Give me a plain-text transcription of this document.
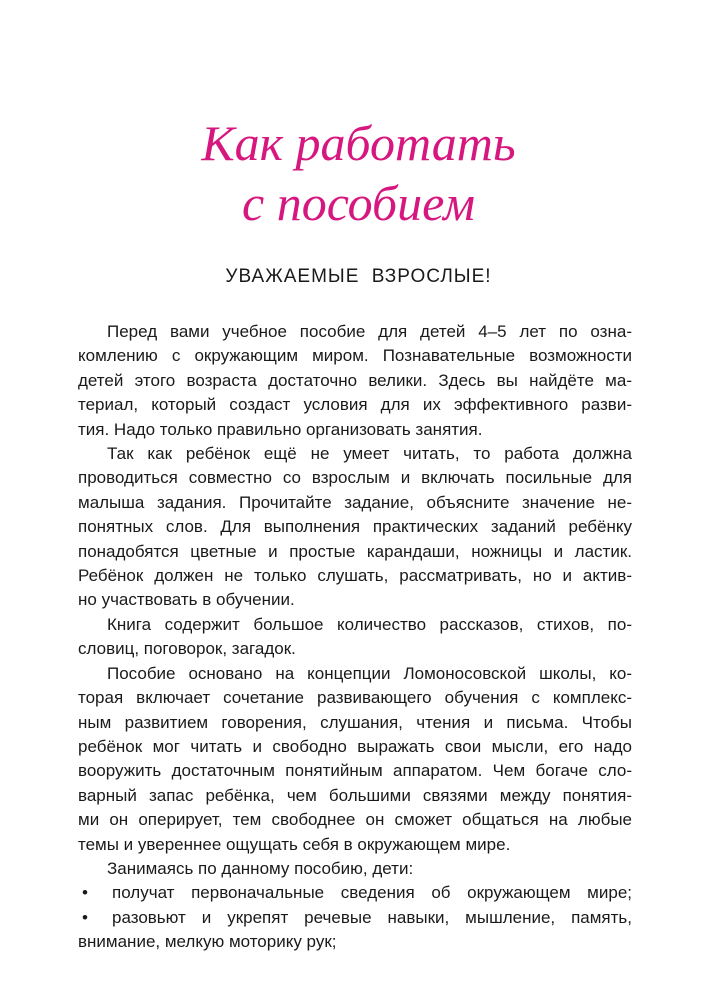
Как работать
с пособием
УВАЖАЕМЫЕ ВЗРОСЛЫЕ!
Перед вами учебное пособие для детей 4–5 лет по озна-
комлению с окружающим миром. Познавательные возможности
детей этого возраста достаточно велики. Здесь вы найдёте ма-
териал, который создаст условия для их эффективного разви-
тия. Надо только правильно организовать занятия.
Так как ребёнок ещё не умеет читать, то работа должна
проводиться совместно со взрослым и включать посильные для
малыша задания. Прочитайте задание, объясните значение не-
понятных слов. Для выполнения практических заданий ребёнку
понадобятся цветные и простые карандаши, ножницы и ластик.
Ребёнок должен не только слушать, рассматривать, но и актив-
но участвовать в обучении.
Книга содержит большое количество рассказов, стихов, по-
словиц, поговорок, загадок.
Пособие основано на концепции Ломоносовской школы, ко-
торая включает сочетание развивающего обучения с комплекс-
ным развитием говорения, слушания, чтения и письма. Чтобы
ребёнок мог читать и свободно выражать свои мысли, его надо
вооружить достаточным понятийным аппаратом. Чем богаче сло-
варный запас ребёнка, чем большими связями между понятия-
ми он оперирует, тем свободнее он сможет общаться на любые
темы и увереннее ощущать себя в окружающем мире.
Занимаясь по данному пособию, дети:
•	получат первоначальные сведения об окружающем мире;
•	разовьют и укрепят речевые навыки, мышление, память,
внимание, мелкую моторику рук;
